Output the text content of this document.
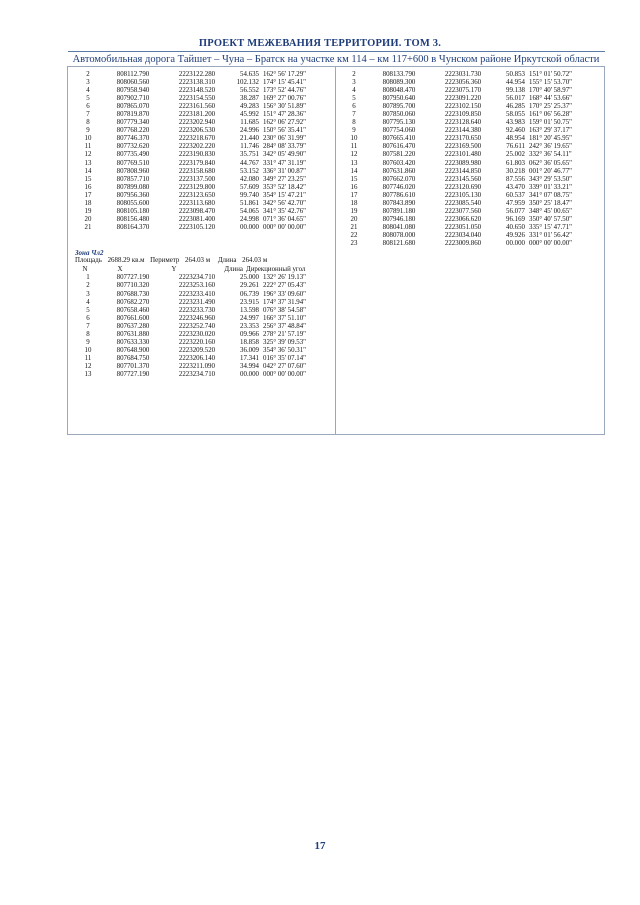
ПРОЕКТ МЕЖЕВАНИЯ ТЕРРИТОРИИ. ТОМ 3.
Автомобильная дорога Тайшет – Чуна – Братск на участке км 114 – км 117+600 в Чунском районе Иркутской области
2	808112.790	2223122.280	54.635 162° 56' 17.29"
3	808060.560	2223138.310	102.132 174° 15' 45.41"
4	807958.940	2223148.520	56.552 173° 52' 44.76"
5	807902.710	2223154.550	38.287 169° 27' 00.76"
6	807865.070	2223161.560	49.283 156° 30' 51.89"
7	807819.870	2223181.200	45.992 151° 47' 28.36"
8	807779.340	2223202.940	11.685 162° 06' 27.92"
9	807768.220	2223206.530	24.996 150° 56' 35.41"
10	807746.370	2223218.670	21.440 230° 06' 31.99"
11	807732.620	2223202.220	11.746 284° 08' 33.79"
12	807735.490	2223190.830	35.751 342° 05' 49.90"
13	807769.510	2223179.840	44.767 331° 47' 31.19"
14	807808.960	2223158.680	53.152 336° 31' 00.87"
15	807857.710	2223137.500	42.080 349° 27' 23.25"
16	807899.080	2223129.800	57.609 353° 52' 18.42"
17	807956.360	2223123.650	99.740 354° 15' 47.21"
18	808055.600	2223113.680	51.861 342° 56' 42.70"
19	808105.180	2223098.470	54.065 341° 35' 42.76"
20	808156.480	2223081.400	24.998 071° 36' 04.65"
21	808164.370	2223105.120	00.000 000° 00' 00.00"
Зона Чл2
Площадь 2688.29 кв.м Периметр 264.03 м Длина 264.03 м
N	X	Y	Длина Дирекционный угол
1	807727.190	2223234.710	25.000 132° 26' 19.13"
2	807710.320	2223253.160	29.261 222° 27' 05.43"
3	807688.730	2223233.410	06.739 196° 33' 09.60"
4	807682.270	2223231.490	23.915 174° 37' 31.94"
5	807658.460	2223233.730	13.598 076° 38' 54.58"
6	807661.600	2223246.960	24.997 166° 37' 51.10"
7	807637.280	2223252.740	23.353 256° 37' 48.84"
8	807631.880	2223230.020	09.966 278° 21' 57.19"
9	807633.330	2223220.160	18.858 325° 39' 09.53"
10	807648.900	2223209.520	36.009 354° 36' 50.31"
11	807684.750	2223206.140	17.341 016° 35' 07.14"
12	807701.370	2223211.090	34.994 042° 27' 07.60"
13	807727.190	2223234.710	00.000 000° 00' 00.00"
2	808133.790	2223031.730	50.853 151° 01' 50.72"
3	808089.300	2223056.360	44.954 155° 15' 53.70"
4	808048.470	2223075.170	99.138 170° 40' 58.97"
5	807950.640	2223091.220	56.017 168° 44' 53.66"
6	807895.700	2223102.150	46.285 170° 25' 25.37"
7	807850.060	2223109.850	58.055 161° 06' 56.28"
8	807795.130	2223128.640	43.983 159° 01' 50.75"
9	807754.060	2223144.380	92.460 163° 29' 37.17"
10	807665.410	2223170.650	48.954 181° 20' 45.95"
11	807616.470	2223169.500	76.611 242° 36' 19.65"
12	807581.220	2223101.480	25.002 332° 36' 54.11"
13	807603.420	2223089.980	61.803 062° 36' 05.65"
14	807631.860	2223144.850	30.218 001° 20' 46.77"
15	807662.070	2223145.560	87.556 343° 29' 53.50"
16	807746.020	2223120.690	43.470 339° 01' 33.21"
17	807786.610	2223105.130	60.537 341° 07' 08.75"
18	807843.890	2223085.540	47.959 350° 25' 18.47"
19	807891.180	2223077.560	56.077 348° 45' 00.65"
20	807946.180	2223066.620	96.169 350° 40' 57.50"
21	808041.080	2223051.050	40.650 335° 15' 47.71"
22	808078.000	2223034.040	49.926 331° 01' 56.42"
23	808121.680	2223009.860	00.000 000° 00' 00.00"
17
